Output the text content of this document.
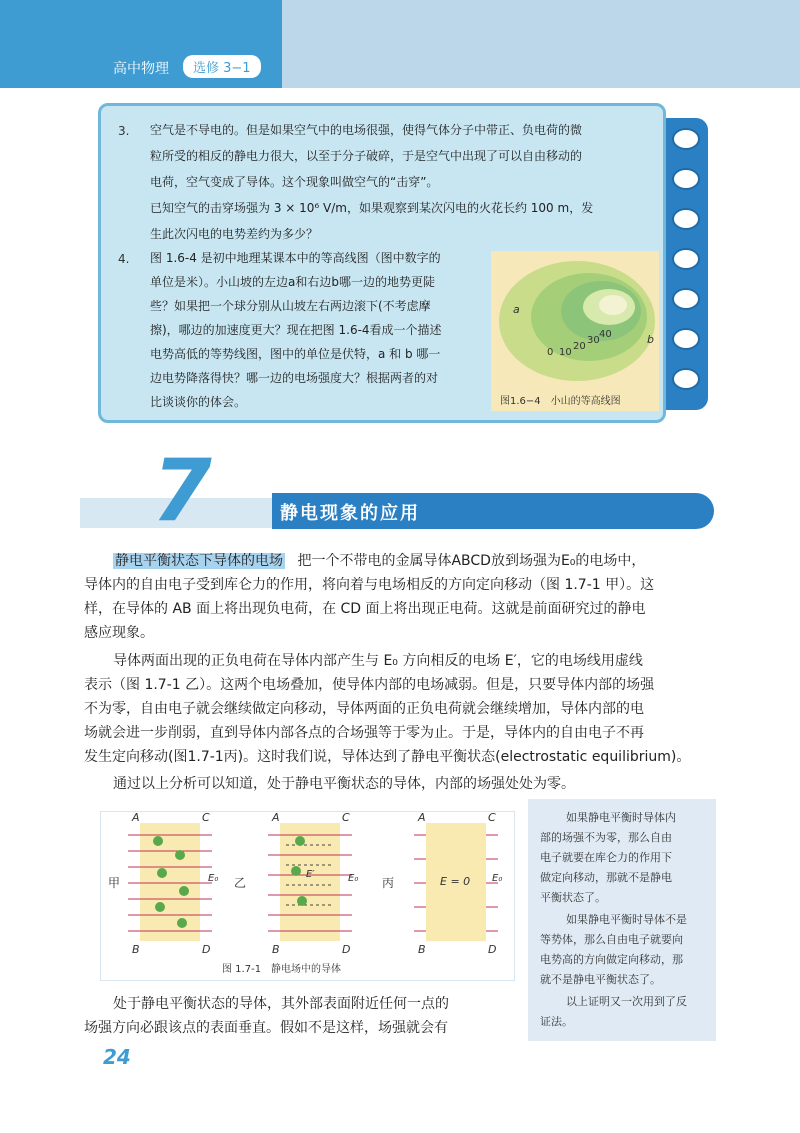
高中物理	选修 3−1
3. 空气是不导电的。但是如果空气中的电场很强，使得气体分子中带正、负电荷的微
粒所受的相反的静电力很大，以至于分子破碎，于是空气中出现了可以自由移动的
电荷，空气变成了导体。这个现象叫做空气的“击穿”。
已知空气的击穿场强为 3 × 10⁶ V/m，如果观察到某次闪电的火花长约 100 m，发
生此次闪电的电势差约为多少？
4. 图 1.6-4 是初中地理某课本中的等高线图（图中数字的
单位是米）。小山坡的左边a和右边b哪一边的地势更陡
些？如果把一个球分别从山坡左右两边滚下(不考虑摩
擦)，哪边的加速度更大？现在把图 1.6-4看成一个描述
电势高低的等势线图，图中的单位是伏特，a 和 b 哪一
边电势降落得快？哪一边的电场强度大？根据两者的对
比谈谈你的体会。
0 10
20
30
40
a
b
图1.6−4　小山的等高线图
7	静电现象的应用
静电平衡状态下导体的电场 把一个不带电的金属导体ABCD放到场强为E₀的电场中，
导体内的自由电子受到库仑力的作用，将向着与电场相反的方向定向移动（图 1.7-1 甲）。这
样，在导体的 AB 面上将出现负电荷，在 CD 面上将出现正电荷。这就是前面研究过的静电
感应现象。
导体两面出现的正负电荷在导体内部产生与 E₀ 方向相反的电场 E′，它的电场线用虚线
表示（图 1.7-1 乙）。这两个电场叠加，使导体内部的电场减弱。但是，只要导体内部的场强
不为零，自由电子就会继续做定向移动，导体两面的正负电荷就会继续增加，导体内部的电
场就会进一步削弱，直到导体内部各点的合场强等于零为止。于是，导体内的自由电子不再
发生定向移动(图1.7-1丙)。这时我们说，导体达到了静电平衡状态(electrostatic equilibrium)。
通过以上分析可以知道，处于静电平衡状态的导体，内部的场强处处为零。
A	C
B	D
E₀
甲
A	C
B	D
E₀
E′
乙
A	C
B	D
E₀
E = 0
丙
图 1.7-1　静电场中的导体
如果静电平衡时导体内
部的场强不为零，那么自由
电子就要在库仑力的作用下
做定向移动，那就不是静电
平衡状态了。
如果静电平衡时导体不是
等势体，那么自由电子就要向
电势高的方向做定向移动，那
就不是静电平衡状态了。
以上证明又一次用到了反
证法。
处于静电平衡状态的导体，其外部表面附近任何一点的
场强方向必跟该点的表面垂直。假如不是这样，场强就会有
24
